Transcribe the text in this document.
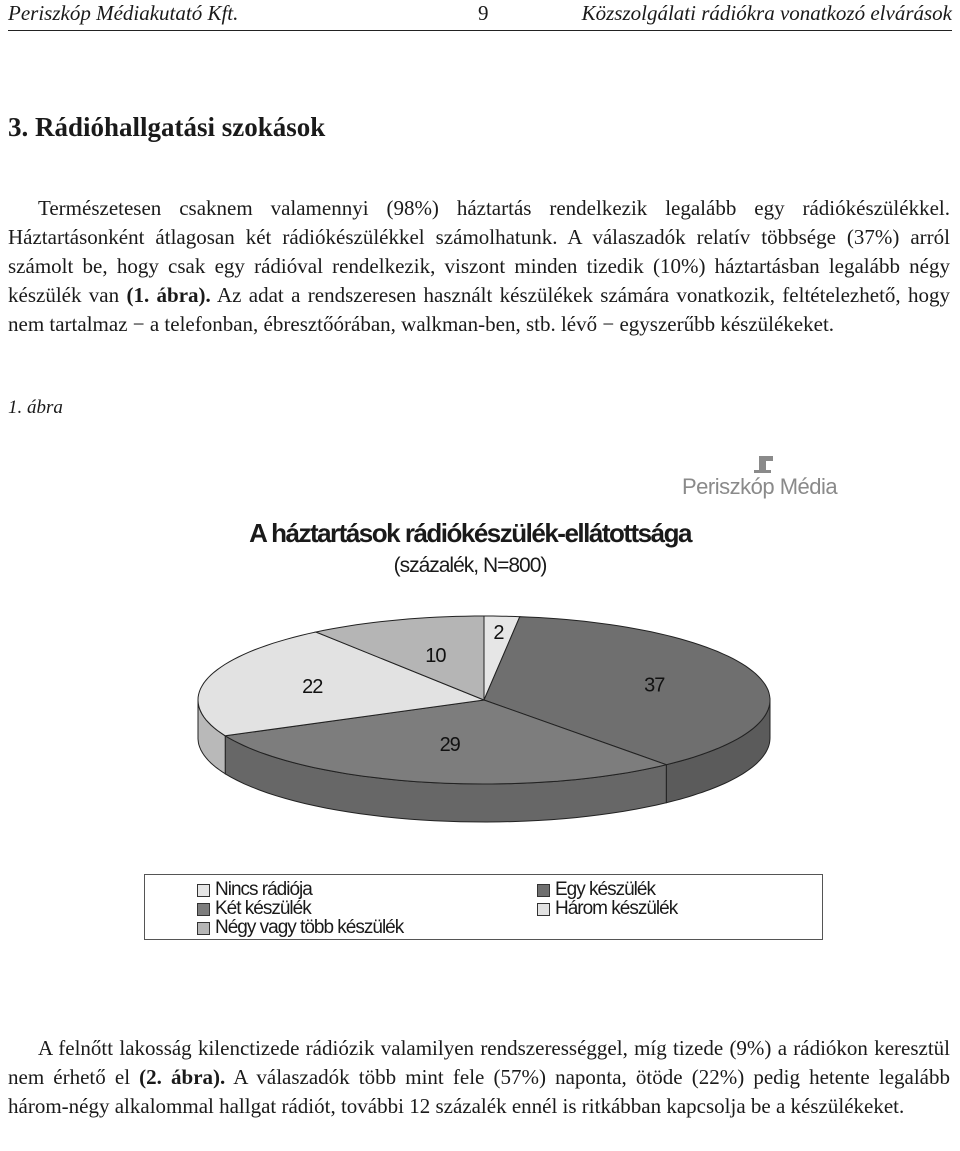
Periszkóp Médiakutató Kft.	9	Közszolgálati rádiókra vonatkozó elvárások
3. Rádióhallgatási szokások

Természetesen csaknem valamennyi (98%) háztartás rendelkezik legalább egy rádiókészülékkel. Háztartásonként átlagosan két rádiókészülékkel számolhatunk. A válaszadók relatív többsége (37%) arról számolt be, hogy csak egy rádióval rendelkezik, viszont minden tizedik (10%) háztartásban legalább négy készülék van (1. ábra). Az adat a rendszeresen használt készülékek számára vonatkozik, feltételezhető, hogy nem tartalmaz − a telefonban, ébresztőórában, walkman-ben, stb. lévő − egyszerűbb készülékeket.

1. ábra
Periszkóp Média
A háztartások rádiókészülék-ellátottsága
(százalék, N=800)
2
37
29
22
10
Nincs rádiója	Egy készülék
Két készülék	Három készülék
Négy vagy több készülék

A felnőtt lakosság kilenctizede rádiózik valamilyen rendszerességgel, míg tizede (9%) a rádiókon keresztül nem érhető el (2. ábra). A válaszadók több mint fele (57%) naponta, ötöde (22%) pedig hetente legalább három-négy alkalommal hallgat rádiót, további 12 százalék ennél is ritkábban kapcsolja be a készülékeket.
